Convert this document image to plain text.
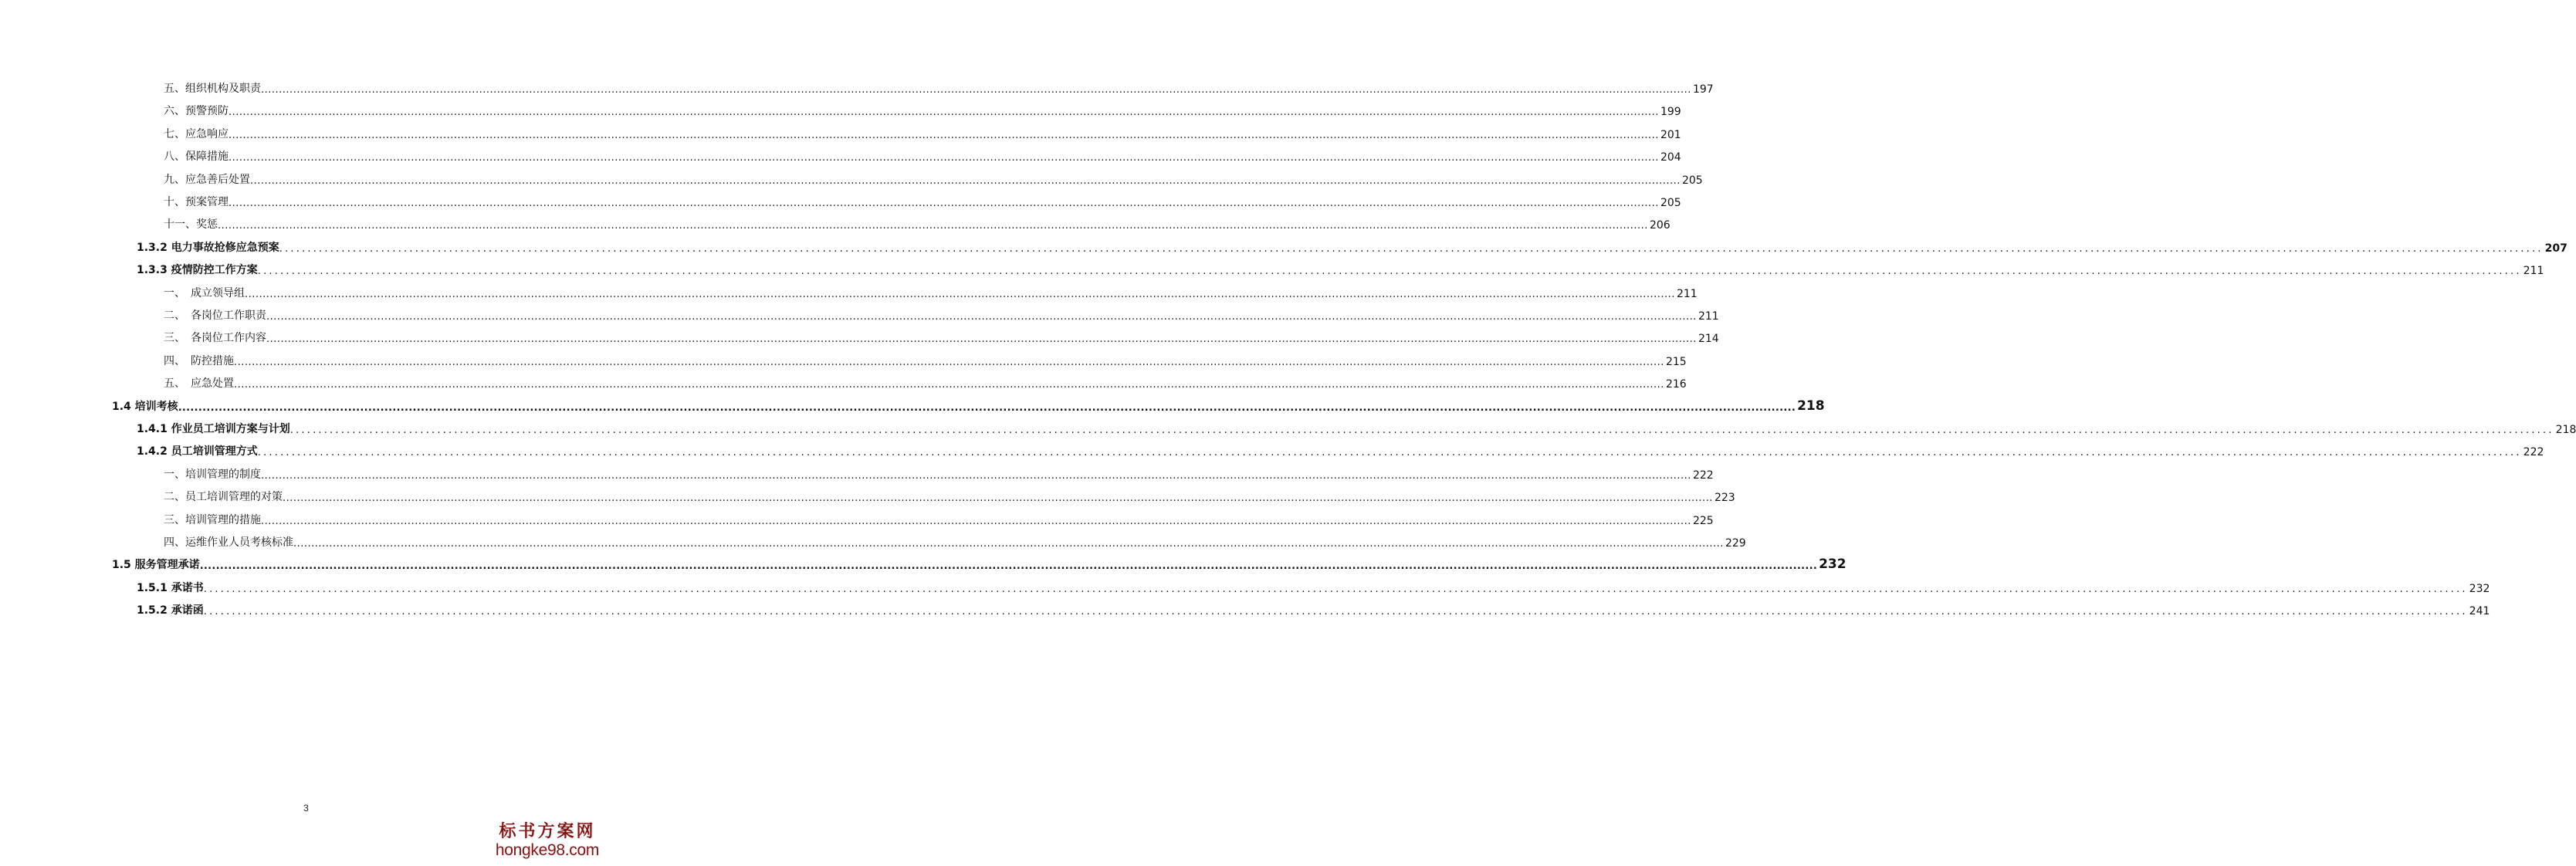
五、组织机构及职责 ................................................................................................................................................................................................................................................................................................................................................................................................................ 197
六、预警预防 ................................................................................................................................................................................................................................................................................................................................................................................................................ 199
七、应急响应 ................................................................................................................................................................................................................................................................................................................................................................................................................ 201
八、保障措施 ................................................................................................................................................................................................................................................................................................................................................................................................................ 204
九、应急善后处置 ................................................................................................................................................................................................................................................................................................................................................................................................................ 205
十、预案管理 ................................................................................................................................................................................................................................................................................................................................................................................................................ 205
十一、奖惩 ................................................................................................................................................................................................................................................................................................................................................................................................................ 206
1.3.2 电力事故抢修应急预案 ................................................................................................................................................................................................................................................................................................................................................................................................................ 207
1.3.3 疫情防控工作方案 ................................................................................................................................................................................................................................................................................................................................................................................................................ 211
一、　成立领导组 ................................................................................................................................................................................................................................................................................................................................................................................................................ 211
二、　各岗位工作职责 ................................................................................................................................................................................................................................................................................................................................................................................................................ 211
三、　各岗位工作内容 ................................................................................................................................................................................................................................................................................................................................................................................................................ 214
四、　防控措施 ................................................................................................................................................................................................................................................................................................................................................................................................................ 215
五、　应急处置 ................................................................................................................................................................................................................................................................................................................................................................................................................ 216
1.4 培训考核 ................................................................................................................................................................................................................................................................................................................................................................................................................ 218
1.4.1 作业员工培训方案与计划 ................................................................................................................................................................................................................................................................................................................................................................................................................ 218
1.4.2 员工培训管理方式 ................................................................................................................................................................................................................................................................................................................................................................................................................ 222
一、培训管理的制度 ................................................................................................................................................................................................................................................................................................................................................................................................................ 222
二、员工培训管理的对策 ................................................................................................................................................................................................................................................................................................................................................................................................................ 223
三、培训管理的措施 ................................................................................................................................................................................................................................................................................................................................................................................................................ 225
四、运维作业人员考核标准 ................................................................................................................................................................................................................................................................................................................................................................................................................ 229
1.5 服务管理承诺 ................................................................................................................................................................................................................................................................................................................................................................................................................ 232
1.5.1 承诺书 ................................................................................................................................................................................................................................................................................................................................................................................................................ 232
1.5.2 承诺函 ................................................................................................................................................................................................................................................................................................................................................................................................................ 241
3
标书方案网
hongke98.com
